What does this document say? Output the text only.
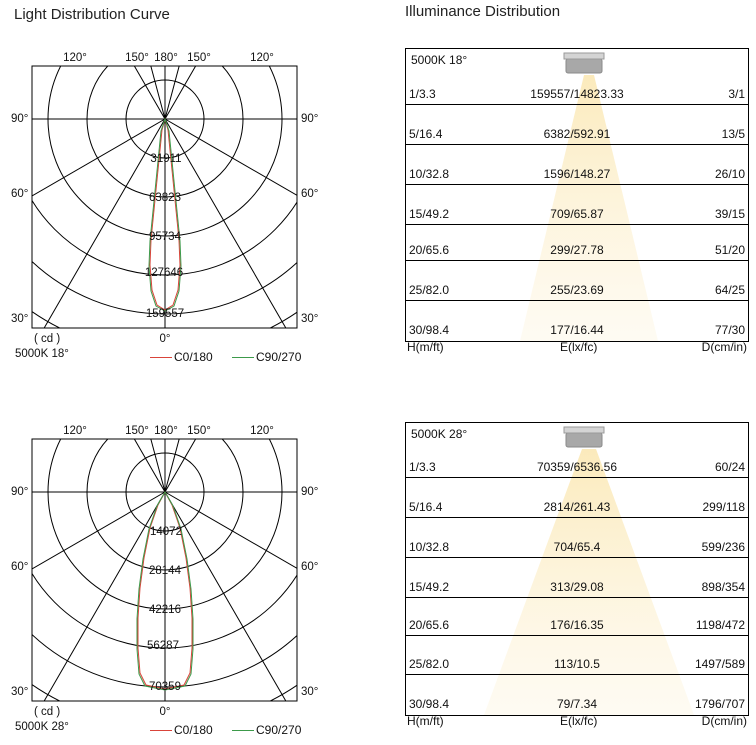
Light Distribution Curve	Illuminance Distribution
31911
63823
95734
127646
159557
120°	150° 180° 150°	120°
90°
60°
30°
90°
60°
30°
0°
( cd )
5000K 18°	C0/180	C90/270
14072
28144
42216
56287
70359
120°	150° 180° 150°	120°
90°
60°
30°
90°
60°
30°
0°
( cd )
5000K 28°	C0/180	C90/270
5000K 18°
1/3.3	159557/14823.33	3/1
5/16.4	6382/592.91	13/5
10/32.8	1596/148.27	26/10
15/49.2	709/65.87	39/15
20/65.6	299/27.78	51/20
25/82.0	255/23.69	64/25
30/98.4	177/16.44	77/30
H(m/ft)	E(lx/fc)	D(cm/in)
5000K 28°
1/3.3	70359/6536.56	60/24
5/16.4	2814/261.43	299/118
10/32.8	704/65.4	599/236
15/49.2	313/29.08	898/354
20/65.6	176/16.35	1198/472
25/82.0	113/10.5	1497/589
30/98.4	79/7.34	1796/707
H(m/ft)	E(lx/fc)	D(cm/in)
